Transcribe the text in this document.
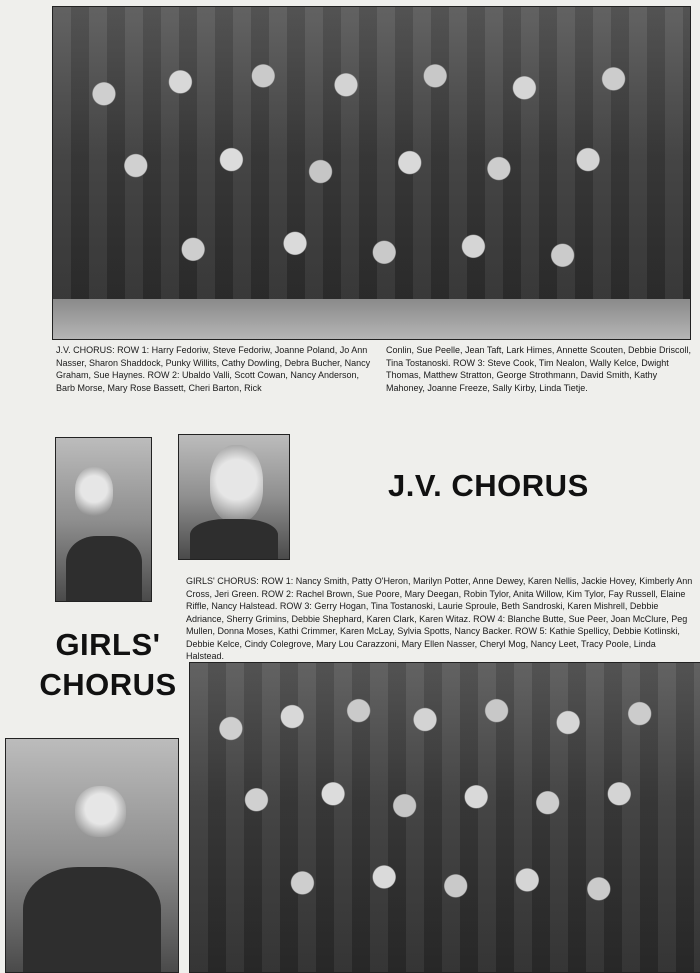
J.V. CHORUS: ROW 1: Harry Fedoriw, Steve Fedoriw, Joanne Poland, Jo Ann Nasser, Sharon Shaddock, Punky Willits, Cathy Dowling, Debra Bucher, Nancy Graham, Sue Haynes. ROW 2: Ubaldo Valli, Scott Cowan, Nancy Anderson, Barb Morse, Mary Rose Bassett, Cheri Barton, Rick

Conlin, Sue Peelle, Jean Taft, Lark Himes, Annette Scouten, Debbie Driscoll, Tina Tostanoski. ROW 3: Steve Cook, Tim Nealon, Wally Kelce, Dwight Thomas, Matthew Stratton, George Strothmann, David Smith, Kathy Mahoney, Joanne Freeze, Sally Kirby, Linda Tietje.

J.V. CHORUS

GIRLS' CHORUS: ROW 1: Nancy Smith, Patty O'Heron, Marilyn Potter, Anne Dewey, Karen Nellis, Jackie Hovey, Kimberly Ann Cross, Jeri Green. ROW 2: Rachel Brown, Sue Poore, Mary Deegan, Robin Tylor, Anita Willow, Kim Tylor, Fay Russell, Elaine Riffle, Nancy Halstead. ROW 3: Gerry Hogan, Tina Tostanoski, Laurie Sproule, Beth Sandroski, Karen Mishrell, Debbie Adriance, Sherry Grimins, Debbie Shephard, Karen Clark, Karen Witaz. ROW 4: Blanche Butte, Sue Peer, Joan McClure, Peg Mullen, Donna Moses, Kathi Crimmer, Karen McLay, Sylvia Spotts, Nancy Backer. ROW 5: Kathie Spellicy, Debbie Kotlinski, Debbie Kelce, Cindy Colegrove, Mary Lou Carazzoni, Mary Ellen Nasser, Cheryl Mog, Nancy Leet, Tracy Poole, Linda Halstead.

GIRLS'
CHORUS
